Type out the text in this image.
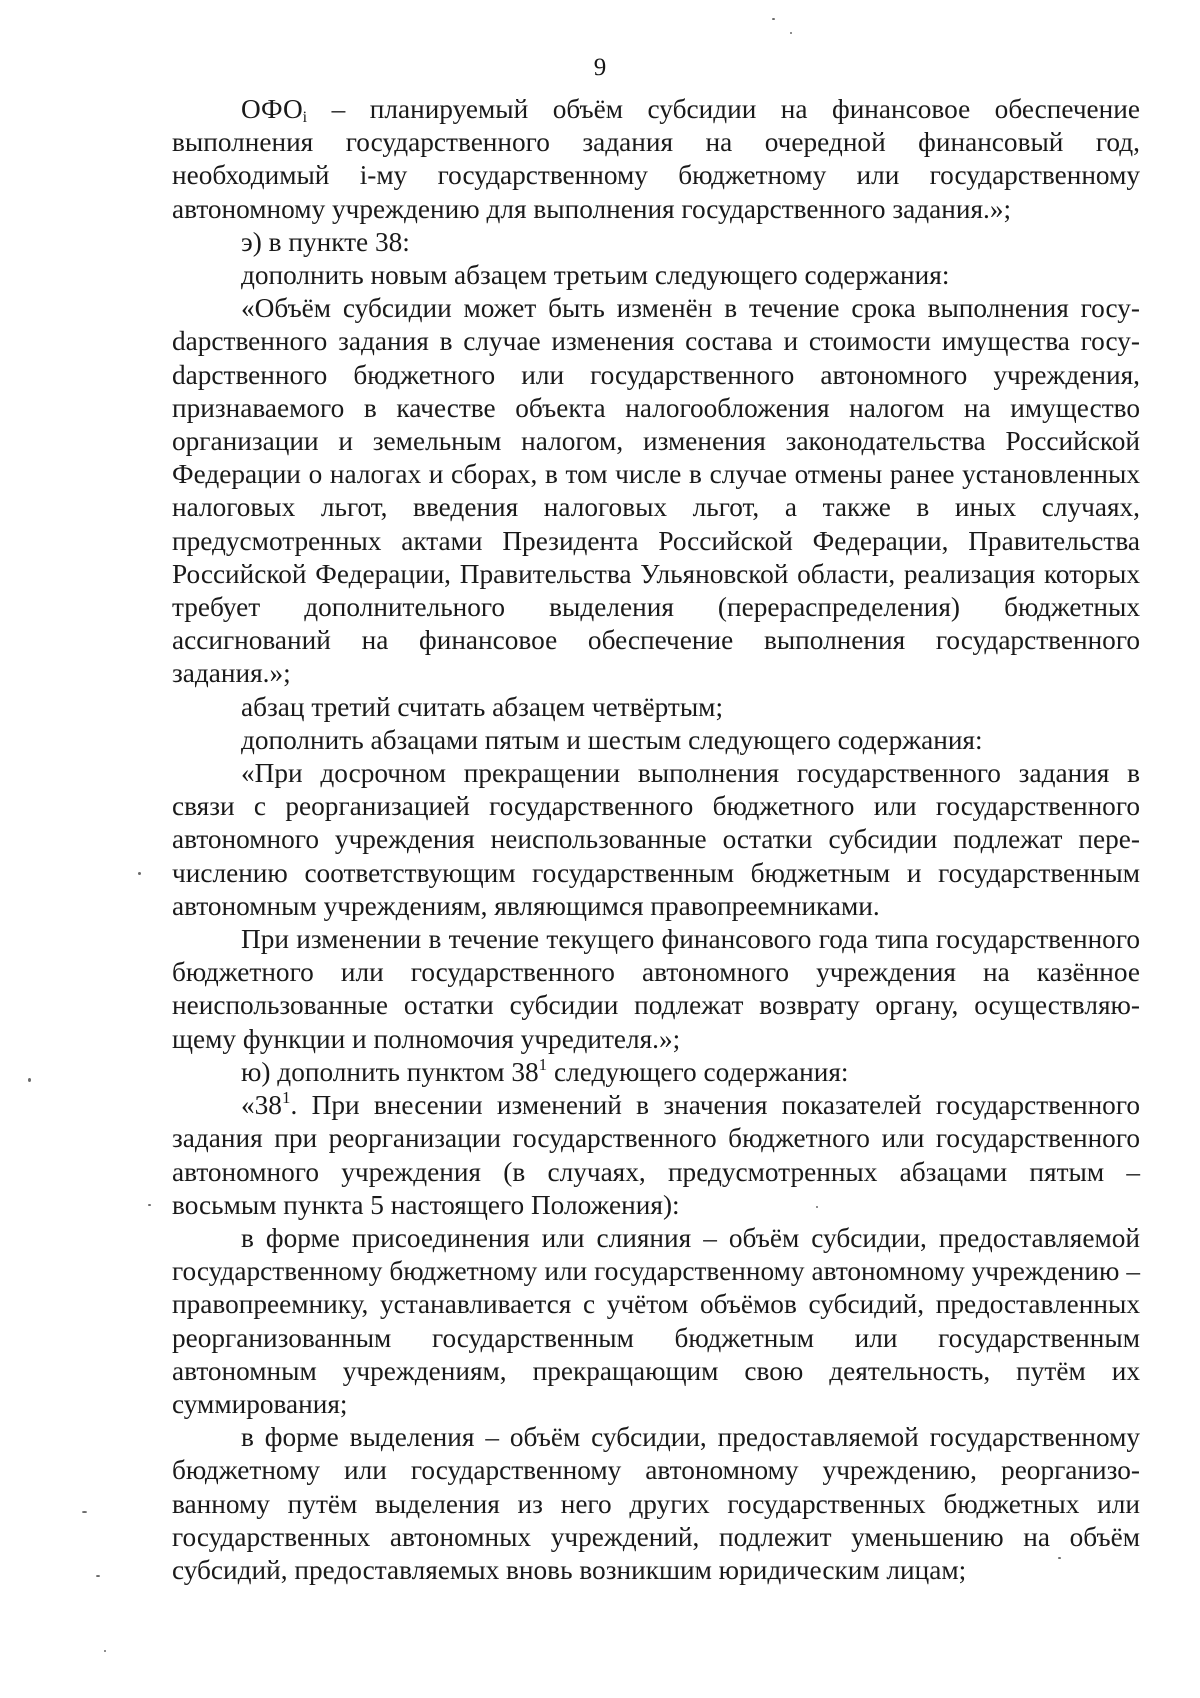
9

$ОФО_i$ – планируемый объём субсидии на финансовое обеспечение выполнения государственного задания на очередной финансовый год, необходимый i-му государственному бюджетному или государственному автономному учреждению для выполнения государственного задания.»;

э) в пункте 38:

дополнить новым абзацем третьим следующего содержания:

«Объём субсидии может быть изменён в течение срока выполнения госуdарственного задания в случае изменения состава и стоимости имущества госуdарственного бюджетного или государственного автономного учреждения, признаваемого в качестве объекта налогообложения налогом на имущество организации и земельным налогом, изменения законодательства Российской Федерации о налогах и сборах, в том числе в случае отмены ранее установленных налоговых льгот, введения налоговых льгот, а также в иных случаях, предусмотренных актами Президента Российской Федерации, Правительства Российской Федерации, Правительства Ульяновской области, реализация которых требует дополнительного выделения (перераспределения) бюджетных ассигнований на финансовое обеспечение выполнения государственного задания.»;

абзац третий считать абзацем четвёртым;

дополнить абзацами пятым и шестым следующего содержания:

«При досрочном прекращении выполнения государственного задания в связи с реорганизацией государственного бюджетного или государственного автономного учреждения неиспользованные остатки субсидии подлежат перечислению соответствующим государственным бюджетным и государственным автономным учреждениям, являющимся правопреемниками.

При изменении в течение текущего финансового года типа государственного бюджетного или государственного автономного учреждения на казённое неиспользованные остатки субсидии подлежат возврату органу, осуществляющему функции и полномочия учредителя.»;

ю) дополнить пунктом $38^1$ следующего содержания:

«$38^1$. При внесении изменений в значения показателей государственного задания при реорганизации государственного бюджетного или государственного автономного учреждения (в случаях, предусмотренных абзацами пятым – восьмым пункта 5 настоящего Положения):

в форме присоединения или слияния – объём субсидии, предоставляемой государственному бюджетному или государственному автономному учреждению – правопреемнику, устанавливается с учётом объёмов субсидий, предоставленных реорганизованным государственным бюджетным или государственным автономным учреждениям, прекращающим свою деятельность, путём их суммирования;

в форме выделения – объём субсидии, предоставляемой государственному бюджетному или государственному автономному учреждению, реорганизованному путём выделения из него других государственных бюджетных или государственных автономных учреждений, подлежит уменьшению на объём субсидий, предоставляемых вновь возникшим юридическим лицам;
